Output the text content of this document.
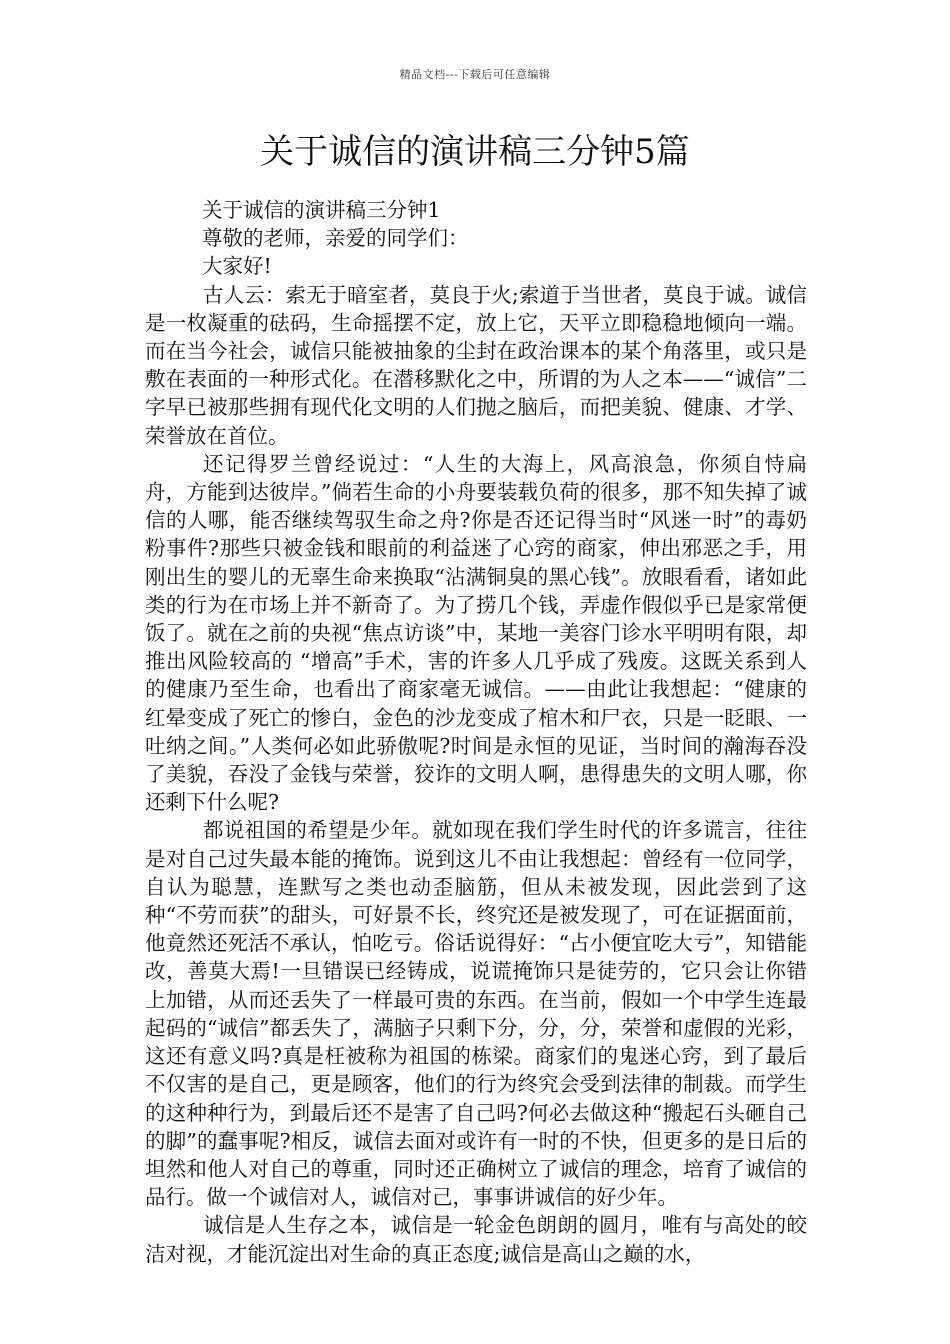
精品文档---下载后可任意编辑
关于诚信的演讲稿三分钟5篇

关于诚信的演讲稿三分钟1

尊敬的老师，亲爱的同学们：

大家好!

古人云：索无于暗室者，莫良于火;索道于当世者，莫良于诚。诚信是一枚凝重的砝码，生命摇摆不定，放上它，天平立即稳稳地倾向一端。而在当今社会，诚信只能被抽象的尘封在政治课本的某个角落里，或只是敷在表面的一种形式化。在潜移默化之中，所谓的为人之本——“诚信”二字早已被那些拥有现代化文明的人们抛之脑后，而把美貌、健康、才学、荣誉放在首位。

还记得罗兰曾经说过：“人生的大海上，风高浪急，你须自恃扁舟，方能到达彼岸。”倘若生命的小舟要装载负荷的很多，那不知失掉了诚信的人哪，能否继续驾驭生命之舟?你是否还记得当时“风迷一时”的毒奶粉事件?那些只被金钱和眼前的利益迷了心窍的商家，伸出邪恶之手，用刚出生的婴儿的无辜生命来换取“沾满铜臭的黑心钱”。放眼看看，诸如此类的行为在市场上并不新奇了。为了捞几个钱，弄虚作假似乎已是家常便饭了。就在之前的央视“焦点访谈”中，某地一美容门诊水平明明有限，却推出风险较高的 “增高”手术，害的许多人几乎成了残废。这既关系到人的健康乃至生命，也看出了商家毫无诚信。——由此让我想起：“健康的红晕变成了死亡的惨白，金色的沙龙变成了棺木和尸衣，只是一眨眼、一吐纳之间。”人类何必如此骄傲呢?时间是永恒的见证，当时间的瀚海吞没了美貌，吞没了金钱与荣誉，狡诈的文明人啊，患得患失的文明人哪，你还剩下什么呢?

都说祖国的希望是少年。就如现在我们学生时代的许多谎言，往往是对自己过失最本能的掩饰。说到这儿不由让我想起：曾经有一位同学，自认为聪慧，连默写之类也动歪脑筋，但从未被发现，因此尝到了这种“不劳而获”的甜头，可好景不长，终究还是被发现了，可在证据面前，他竟然还死活不承认，怕吃亏。俗话说得好：“占小便宜吃大亏”，知错能改，善莫大焉!一旦错误已经铸成，说谎掩饰只是徒劳的，它只会让你错上加错，从而还丢失了一样最可贵的东西。在当前，假如一个中学生连最起码的“诚信”都丢失了，满脑子只剩下分，分，分，荣誉和虚假的光彩，这还有意义吗?真是枉被称为祖国的栋梁。商家们的鬼迷心窍，到了最后不仅害的是自己，更是顾客，他们的行为终究会受到法律的制裁。而学生的这种种行为，到最后还不是害了自己吗?何必去做这种“搬起石头砸自己的脚”的蠢事呢?相反，诚信去面对或许有一时的不快，但更多的是日后的坦然和他人对自己的尊重，同时还正确树立了诚信的理念，培育了诚信的品行。做一个诚信对人，诚信对己，事事讲诚信的好少年。

诚信是人生存之本，诚信是一轮金色朗朗的圆月，唯有与高处的皎洁对视，才能沉淀出对生命的真正态度;诚信是高山之巅的水，
